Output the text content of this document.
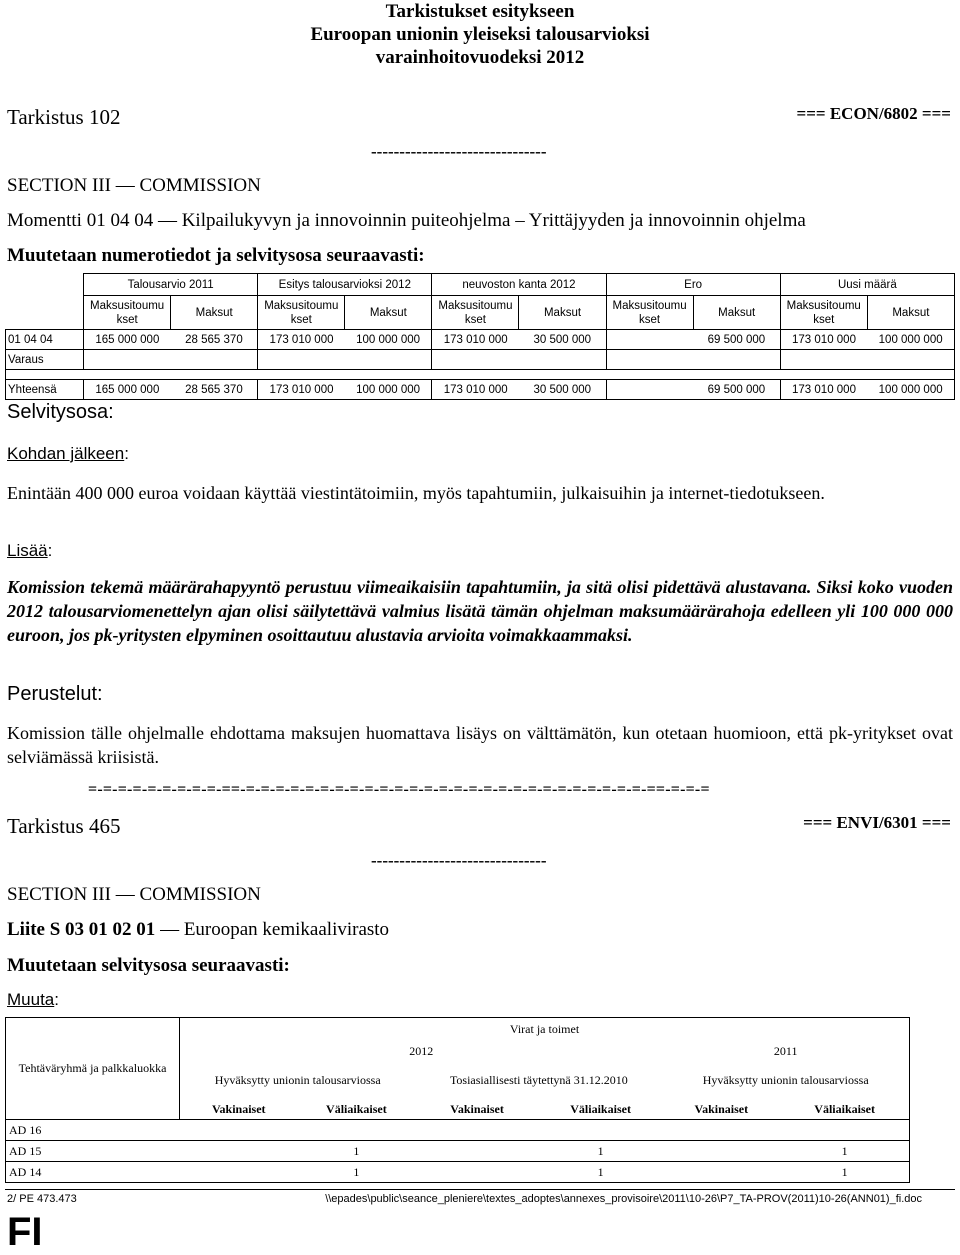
Tarkistukset esitykseen
Euroopan unionin yleiseksi talousarvioksi
varainhoitovuodeksi 2012
Tarkistus 102	=== ECON/6802 ===
-------------------------------
SECTION III — COMMISSION
Momentti 01 04 04 — Kilpailukyvyn ja innovoinnin puiteohjelma – Yrittäjyyden ja innovoinnin ohjelma
Muutetaan numerotiedot ja selvitysosa seuraavasti:
	Talousarvio 2011		Esitys talousarvioksi 2012		neuvoston kanta 2012		Ero		Uusi määrä	
	Maksusitoumu kset	Maksut	Maksusitoumu kset	Maksut	Maksusitoumu kset	Maksut	Maksusitoumu kset	Maksut	Maksusitoumu kset	Maksut
01 04 04	165 000 000	28 565 370	173 010 000	100 000 000	173 010 000	30 500 000		69 500 000	173 010 000	100 000 000
Varaus										

Yhteensä	165 000 000	28 565 370	173 010 000	100 000 000	173 010 000	30 500 000		69 500 000	173 010 000	100 000 000
Selvitysosa:
Kohdan jälkeen:
Enintään 400 000 euroa voidaan käyttää viestintätoimiin, myös tapahtumiin, julkaisuihin ja internet-tiedotukseen.
Lisää:
Komission tekemä määrärahapyyntö perustuu viimeaikaisiin tapahtumiin, ja sitä olisi pidettävä alustavana. Siksi koko vuoden 2012 talousarviomenettelyn ajan olisi säilytettävä valmius lisätä tämän ohjelman maksumäärärahoja edelleen yli 100 000 000 euroon, jos pk-yritysten elpyminen osoittautuu alustavia arvioita voimakkaammaksi.
Perustelut:
Komission tälle ohjelmalle ehdottama maksujen huomattava lisäys on välttämätön, kun otetaan huomioon, että pk-yritykset ovat selviämässä kriisistä.
=-=-=-=-=-=-=-=-=-==-=-=-=-=-=-=-=-=-=-=-=-=-=-=-=-=-=-=-=-=-=-=-=-=-=-=-=-==-=-=-=
Tarkistus 465	=== ENVI/6301 ===
-------------------------------
SECTION III — COMMISSION
Liite S 03 01 02 01 — Euroopan kemikaalivirasto
Muutetaan selvitysosa seuraavasti:
Muuta:
Tehtäväryhmä ja palkkaluokka	Virat ja toimet					
	2012				2011	
	Hyväksytty unionin talousarviossa		Tosiasiallisesti täytettynä 31.12.2010		Hyväksytty unionin talousarviossa	
	Vakinaiset	Väliaikaiset	Vakinaiset	Väliaikaiset	Vakinaiset	Väliaikaiset
AD 16						
AD 15		1		1		1
AD 14		1		1		1
2/ PE 473.473	\\epades\public\seance_pleniere\textes_adoptes\annexes_provisoire\2011\10-26\P7_TA-PROV(2011)10-26(ANN01)_fi.doc
FI
